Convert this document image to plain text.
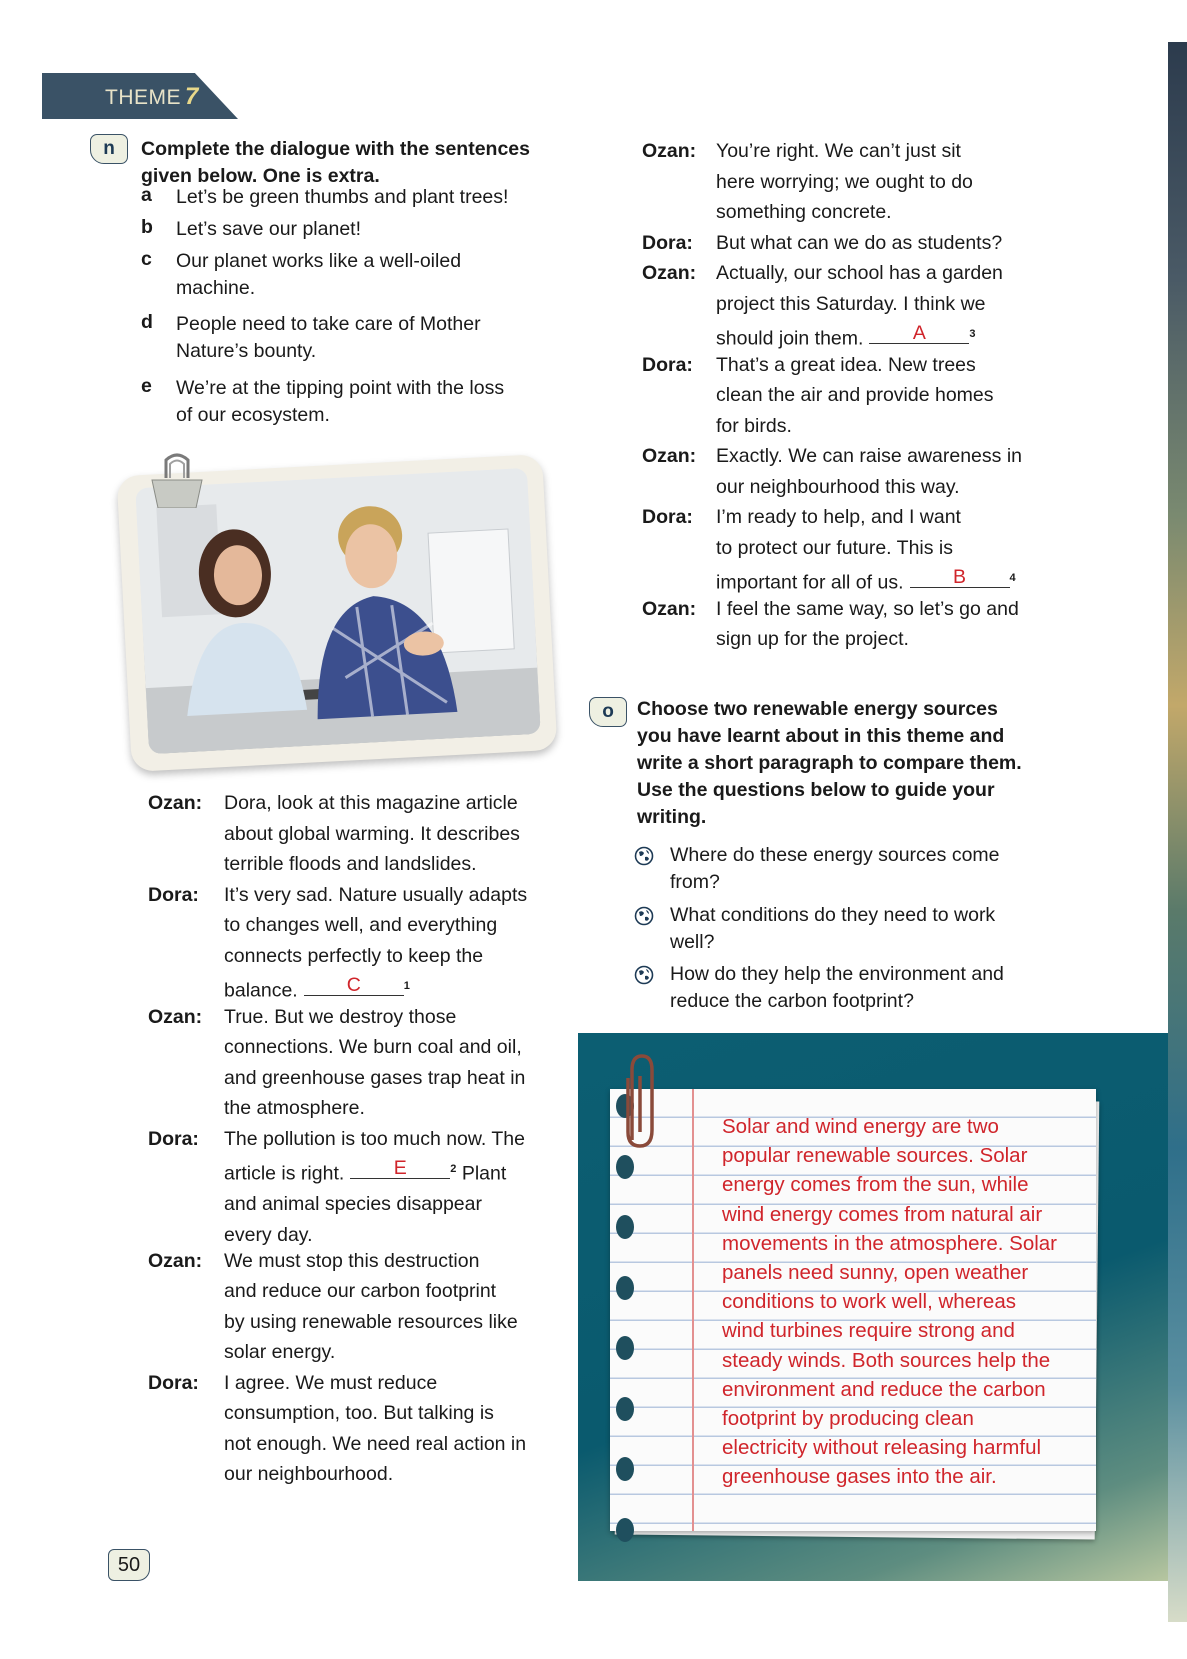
THEME 7
n	Complete the dialogue with the sentences
given below. One is extra.
a Let’s be green thumbs and plant trees!
b Let’s save our planet!
c Our planet works like a well-oiled
machine.
d People need to take care of Mother
Nature’s bounty.
e We’re at the tipping point with the loss
of our ecosystem.
Ozan: Dora, look at this magazine article
about global warming. It describes
terrible floods and landslides.
Dora: It’s very sad. Nature usually adapts
to changes well, and everything
connects perfectly to keep the
balance.	C	$^1$
Ozan: True. But we destroy those
connections. We burn coal and oil,
and greenhouse gases trap heat in
the atmosphere.
Dora: The pollution is too much now. The
article is right.	E	$^2$ Plant
and animal species disappear
every day.
Ozan: We must stop this destruction
and reduce our carbon footprint
by using renewable resources like
solar energy.
Dora: I agree. We must reduce
consumption, too. But talking is
not enough. We need real action in
our neighbourhood.
Ozan: You’re right. We can’t just sit
here worrying; we ought to do
something concrete.
Dora: But what can we do as students?
Ozan: Actually, our school has a garden
project this Saturday. I think we
should join them.	A	$^3$
Dora: That’s a great idea. New trees
clean the air and provide homes
for birds.
Ozan: Exactly. We can raise awareness in
our neighbourhood this way.
Dora: I’m ready to help, and I want
to protect our future. This is
important for all of us.	B	$^4$
Ozan: I feel the same way, so let’s go and
sign up for the project.
o	Choose two renewable energy sources
you have learnt about in this theme and
write a short paragraph to compare them.
Use the questions below to guide your
writing.
Where do these energy sources come
from?
What conditions do they need to work
well?
How do they help the environment and
reduce the carbon footprint?
Solar and wind energy are two
popular renewable sources. Solar
energy comes from the sun, while
wind energy comes from natural air
movements in the atmosphere. Solar
panels need sunny, open weather
conditions to work well, whereas
wind turbines require strong and
steady winds. Both sources help the
environment and reduce the carbon
footprint by producing clean
electricity without releasing harmful
greenhouse gases into the air.
50
